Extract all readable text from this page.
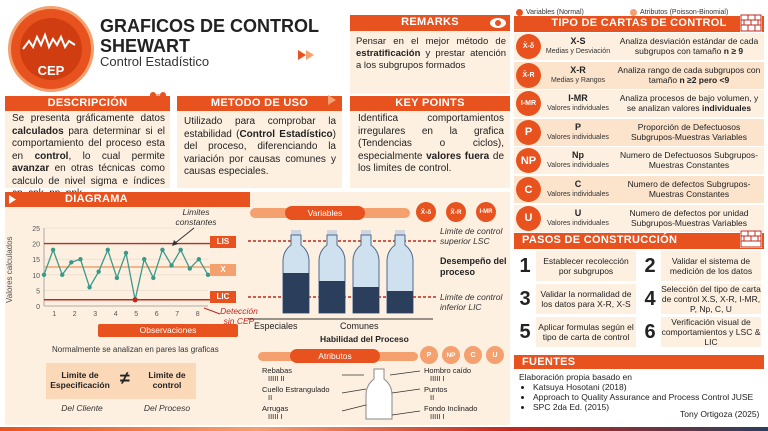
CEP
GRAFICOS DE CONTROL
SHEWART
Control Estadístico
Variables (Normal)	Atributos (Poisson-Binomial)
REMARKS
Pensar en el mejor método de estratificación y prestar atención a los subgrupos formados
DESCRIPCIÓN
Se presenta gráficamente datos calculados para determinar si el comportamiento del proceso esta en control, lo cual permite avanzar en otras técnicas como calculo de nivel sigma e índices
METODO DE USO
Utilizado para comprobar la estabilidad (Control Estadístico) del proceso, diferenciando la variación por causas comunes y causas especiales.
KEY POINTS
Identifica comportamientos irregulares en la grafica (Tendencias o ciclos), especialmente valores fuera de los limites de control.
TIPO DE CARTAS DE CONTROL
X̄-δ
X-S
Medias y Desviación
Analiza desviación estándar de cada subgrupos con tamaño n ≥ 9
X̄-R
X-R
Medias y Rangos
Analiza rango de cada subgrupos con tamaño n ≥2 pero <9
I-MR
I-MR
Valores individuales
Analiza procesos de bajo volumen, y se analizan valores individuales
P	P
Valores individuales
Proporción de Defectuosos Subgrupos-Muestras Variables
NP	Np
Valores individuales
Numero de Defectuosos Subgrupos-Muestras Constantes
C	C
Valores individuales
Numero de defectos Subgrupos-Muestras Constantes
U	U
Valores individuales
Numero de defectos por unidad Subgrupos-Muestras Variables
PASOS DE CONSTRUCCIÓN
1	Establecer recolección por subgrupos	2	Validar el sistema de medición de los datos
3	Validar la normalidad de los datos para X-R, X-S 4 Selección del tipo de carta de control X.S, X-R, I-MR, P, Np, C, U
5 Aplicar formulas según el tipo de carta de control 6	Verificación visual de comportamientos y LSC & LIC
FUENTES
Elaboración propia basado en
• Katsuya Hosotani (2018)
• Approach to Quality Assurance and Process Control JUSE
• SPC 2da Ed. (2015)
Tony Ortigoza (2025)
DIAGRAMA
0
5
10
15
20
25
1 2 3 4 5 6 7 8
Limites constantes
Valores calculados
Observaciones
LIS
X
LIC
Detección sin CEP
Normalmente se analizan en pares las graficas
Limite de Especificación ≠	Limite de control
Del Cliente	Del Proceso
Variables	X̄-δ	X̄-R	I-MR
Limite de control superior LSC
Desempeño del proceso
Limite de control inferior LIC
Especiales	Comunes
Habilidad del Proceso
Atributos	P	NP	C	U
Rebabas
IIIII II
Cuello Estrangulado
II
Arrugas
IIIII I
Hombro caído
IIIII I
Puntos
II
Fondo Inclinado
IIIII I
